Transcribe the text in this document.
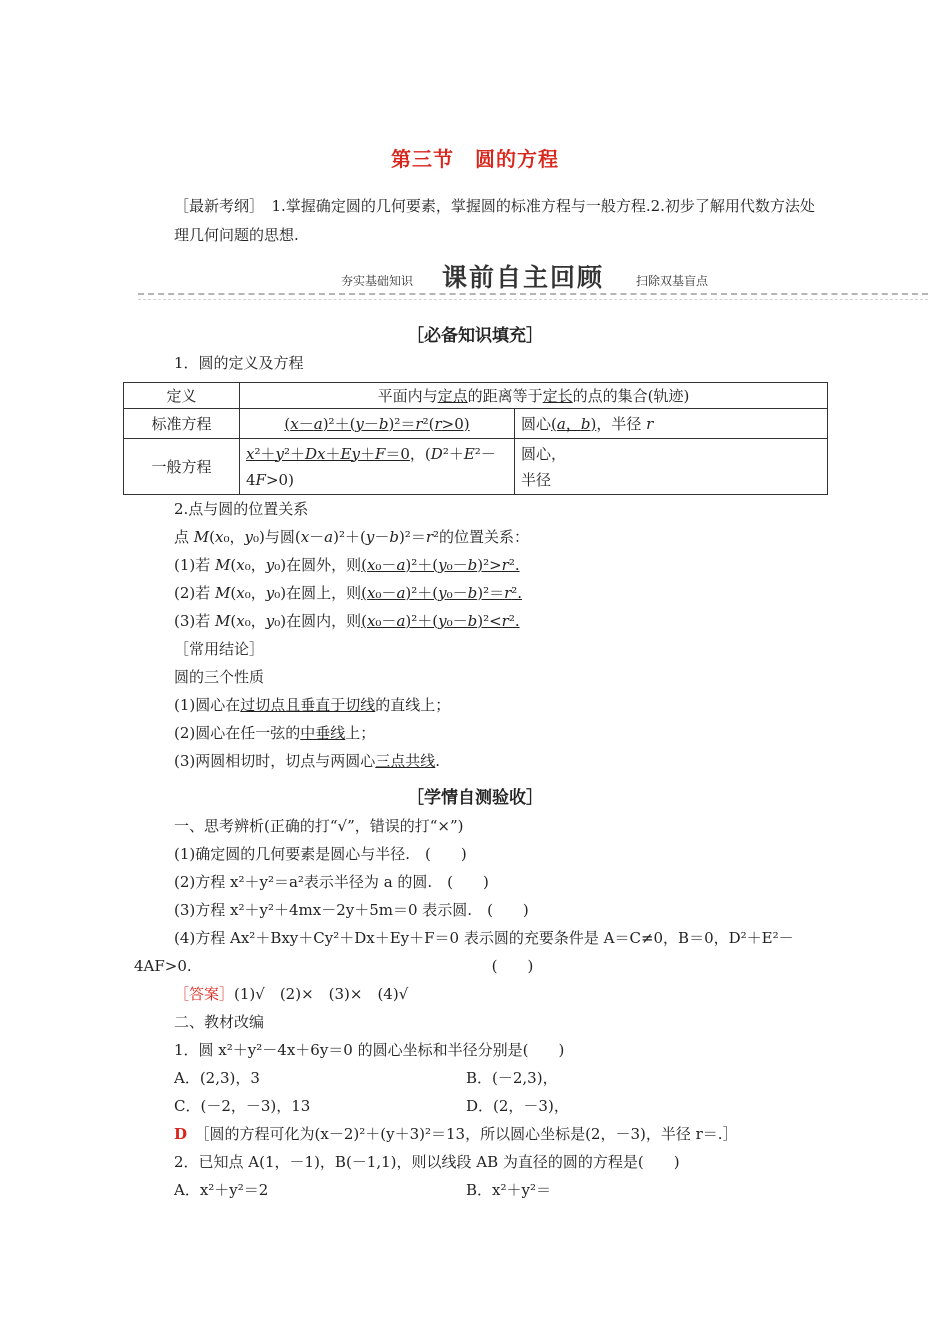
第三节　圆的方程
［最新考纲］　1.掌握确定圆的几何要素，掌握圆的标准方程与一般方程.2.初步了解用代数方法处理几何问题的思想.
夯实基础知识 课前自主回顾	扫除双基盲点
［必备知识填充］
1．圆的定义及方程
定义	平面内与定点的距离等于定长的点的集合(轨迹)	
标准方程	(x－a)²＋(y－b)²＝r²(r>0)	圆心(a，b)，半径 r
一般方程	x²＋y²＋Dx＋Ey＋F＝0，(D²＋E²－
4F>0)	圆心，
半径
2.点与圆的位置关系
点 M(x₀，y₀)与圆(x－a)²＋(y－b)²＝r²的位置关系：
(1)若 M(x₀，y₀)在圆外，则(x₀－a)²＋(y₀－b)²>r².
(2)若 M(x₀，y₀)在圆上，则(x₀－a)²＋(y₀－b)²＝r².
(3)若 M(x₀，y₀)在圆内，则(x₀－a)²＋(y₀－b)²<r².
［常用结论］
圆的三个性质
(1)圆心在过切点且垂直于切线的直线上；
(2)圆心在任一弦的中垂线上；
(3)两圆相切时，切点与两圆心三点共线.
［学情自测验收］
一、思考辨析(正确的打“√”，错误的打“×”)
(1)确定圆的几何要素是圆心与半径.　(　　)
(2)方程 x²＋y²＝a²表示半径为 a 的圆.　(　　)
(3)方程 x²＋y²＋4mx－2y＋5m＝0 表示圆.　(　　)
(4)方程 Ax²＋Bxy＋Cy²＋Dx＋Ey＋F＝0 表示圆的充要条件是 A＝C≠0，B＝0，D²＋E²－
4AF>0.　　　　　　　　　　　　　　　　　　　　(　　)
［答案］(1)√　(2)×　(3)×　(4)√
二、教材改编
1．圆 x²＋y²－4x＋6y＝0 的圆心坐标和半径分别是(　　)
A．(2,3)，3	B．(－2,3)，
C．(－2，－3)，13	D．(2，－3)，
D　 ［圆的方程可化为(x－2)²＋(y＋3)²＝13，所以圆心坐标是(2，－3)，半径 r＝.］
2．已知点 A(1，－1)，B(－1,1)，则以线段 AB 为直径的圆的方程是(　　)
A．x²＋y²＝2	B．x²＋y²＝
